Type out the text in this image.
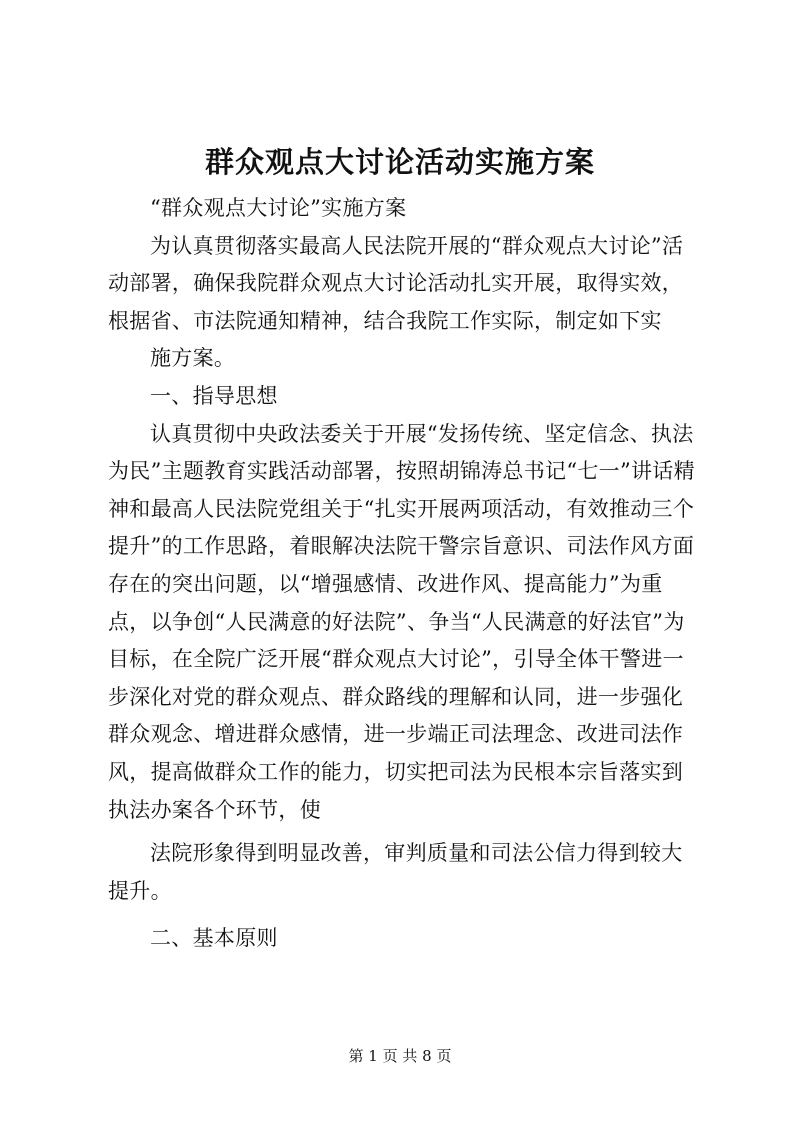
群众观点大讨论活动实施方案

“群众观点大讨论”实施方案

为认真贯彻落实最高人民法院开展的“群众观点大讨论”活动部署，确保我院群众观点大讨论活动扎实开展，取得实效，根据省、市法院通知精神，结合我院工作实际，制定如下实

施方案。

一、指导思想

认真贯彻中央政法委关于开展“发扬传统、坚定信念、执法为民”主题教育实践活动部署，按照胡锦涛总书记“七一”讲话精神和最高人民法院党组关于“扎实开展两项活动，有效推动三个提升”的工作思路，着眼解决法院干警宗旨意识、司法作风方面存在的突出问题，以“增强感情、改进作风、提高能力”为重点，以争创“人民满意的好法院”、争当“人民满意的好法官”为目标，在全院广泛开展“群众观点大讨论”，引导全体干警进一步深化对党的群众观点、群众路线的理解和认同，进一步强化群众观念、增进群众感情，进一步端正司法理念、改进司法作风，提高做群众工作的能力，切实把司法为民根本宗旨落实到执法办案各个环节，使

法院形象得到明显改善，审判质量和司法公信力得到较大提升。

二、基本原则

第 1 页 共 8 页
